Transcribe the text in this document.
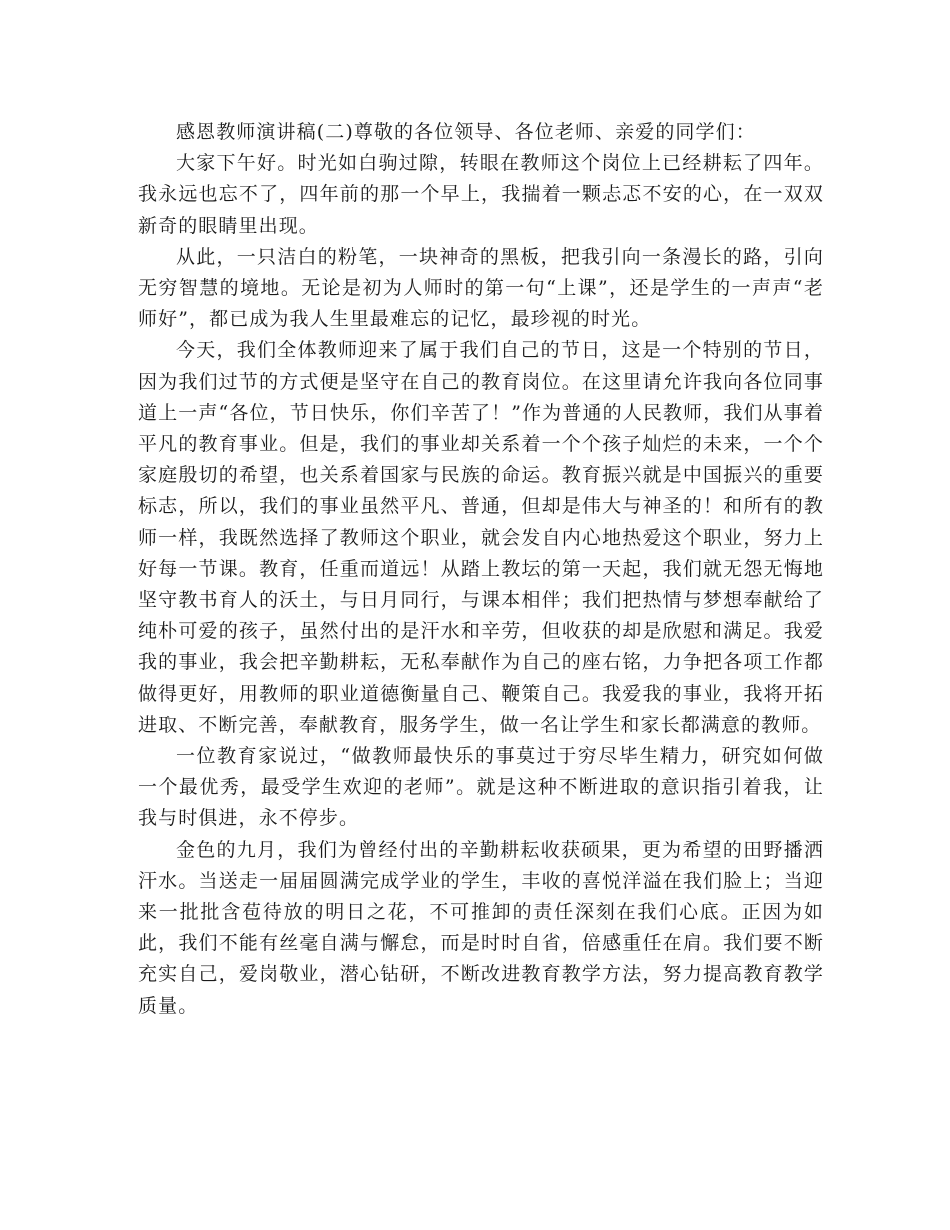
感恩教师演讲稿(二)尊敬的各位领导、各位老师、亲爱的同学们：

大家下午好。时光如白驹过隙，转眼在教师这个岗位上已经耕耘了四年。我永远也忘不了，四年前的那一个早上，我揣着一颗忐忑不安的心，在一双双新奇的眼睛里出现。

从此，一只洁白的粉笔，一块神奇的黑板，把我引向一条漫长的路，引向无穷智慧的境地。无论是初为人师时的第一句“上课”，还是学生的一声声“老师好”，都已成为我人生里最难忘的记忆，最珍视的时光。

今天，我们全体教师迎来了属于我们自己的节日，这是一个特别的节日，因为我们过节的方式便是坚守在自己的教育岗位。在这里请允许我向各位同事道上一声“各位，节日快乐，你们辛苦了！”作为普通的人民教师，我们从事着平凡的教育事业。但是，我们的事业却关系着一个个孩子灿烂的未来，一个个家庭殷切的希望，也关系着国家与民族的命运。教育振兴就是中国振兴的重要标志，所以，我们的事业虽然平凡、普通，但却是伟大与神圣的！和所有的教师一样，我既然选择了教师这个职业，就会发自内心地热爱这个职业，努力上好每一节课。教育，任重而道远！从踏上教坛的第一天起，我们就无怨无悔地坚守教书育人的沃土，与日月同行，与课本相伴；我们把热情与梦想奉献给了纯朴可爱的孩子，虽然付出的是汗水和辛劳，但收获的却是欣慰和满足。我爱我的事业，我会把辛勤耕耘，无私奉献作为自己的座右铭，力争把各项工作都做得更好，用教师的职业道德衡量自己、鞭策自己。我爱我的事业，我将开拓进取、不断完善，奉献教育，服务学生，做一名让学生和家长都满意的教师。

一位教育家说过，“做教师最快乐的事莫过于穷尽毕生精力，研究如何做一个最优秀，最受学生欢迎的老师”。就是这种不断进取的意识指引着我，让我与时俱进，永不停步。

金色的九月，我们为曾经付出的辛勤耕耘收获硕果，更为希望的田野播洒汗水。当送走一届届圆满完成学业的学生，丰收的喜悦洋溢在我们脸上；当迎来一批批含苞待放的明日之花，不可推卸的责任深刻在我们心底。正因为如此，我们不能有丝毫自满与懈怠，而是时时自省，倍感重任在肩。我们要不断充实自己，爱岗敬业，潜心钻研，不断改进教育教学方法，努力提高教育教学质量。
